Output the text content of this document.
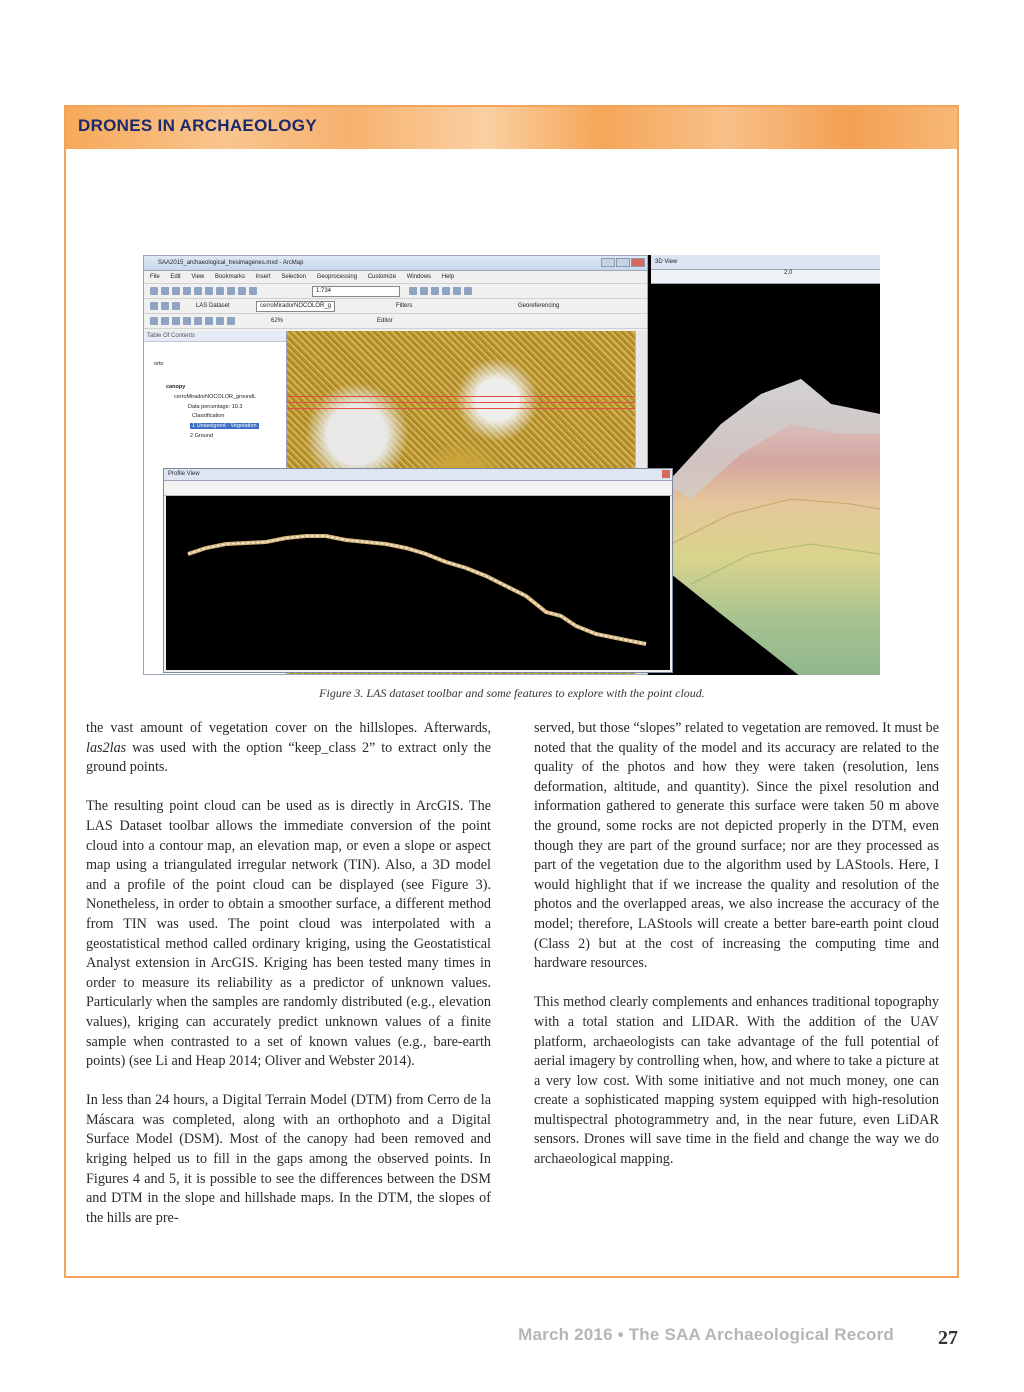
DRONES IN ARCHAEOLOGY
SAA2015_archaeological_tresimagenes.mxd - ArcMap
File Edit View Bookmarks Insert Selection Geoprocessing Customize Windows Help
1:734
LAS Dataset	cerroMiradorNOCOLOR_g	Filters	Georeferencing
62%	Editor
Table Of Contents
orto
canopy
cerroMiradorNOCOLOR_groundL
Data percentage: 10.3
Classification
1 Unassigned - Vegetation
2 Ground
3D View
2.0
Profile View
Figure 3. LAS dataset toolbar and some features to explore with the point cloud.

the vast amount of vegetation cover on the hillslopes. Afterwards, las2las was used with the option “keep_class 2” to extract only the ground points.

The resulting point cloud can be used as is directly in ArcGIS. The LAS Dataset toolbar allows the immediate conversion of the point cloud into a contour map, an elevation map, or even a slope or aspect map using a triangulated irregular network (TIN). Also, a 3D model and a profile of the point cloud can be displayed (see Figure 3). Nonetheless, in order to obtain a smoother surface, a different method from TIN was used. The point cloud was interpolated with a geostatistical method called ordinary kriging, using the Geostatistical Analyst extension in ArcGIS. Kriging has been tested many times in order to measure its reliability as a predictor of unknown values. Particularly when the samples are randomly distributed (e.g., elevation values), kriging can accurately predict unknown values of a finite sample when contrasted to a set of known values (e.g., bare-earth points) (see Li and Heap 2014; Oliver and Webster 2014).

In less than 24 hours, a Digital Terrain Model (DTM) from Cerro de la Máscara was completed, along with an orthophoto and a Digital Surface Model (DSM). Most of the canopy had been removed and kriging helped us to fill in the gaps among the observed points. In Figures 4 and 5, it is possible to see the differences between the DSM and DTM in the slope and hillshade maps. In the DTM, the slopes of the hills are pre-

served, but those “slopes” related to vegetation are removed. It must be noted that the quality of the model and its accuracy are related to the quality of the photos and how they were taken (resolution, lens deformation, altitude, and quantity). Since the pixel resolution and information gathered to generate this surface were taken 50 m above the ground, some rocks are not depicted properly in the DTM, even though they are part of the ground surface; nor are they processed as part of the vegetation due to the algorithm used by LAStools. Here, I would highlight that if we increase the quality and resolution of the photos and the overlapped areas, we also increase the accuracy of the model; therefore, LAStools will create a better bare-earth point cloud (Class 2) but at the cost of increasing the computing time and hardware resources.

This method clearly complements and enhances traditional topography with a total station and LIDAR. With the addition of the UAV platform, archaeologists can take advantage of the full potential of aerial imagery by controlling when, how, and where to take a picture at a very low cost. With some initiative and not much money, one can create a sophisticated mapping system equipped with high-resolution multispectral photogrammetry and, in the near future, even LiDAR sensors. Drones will save time in the field and change the way we do archaeological mapping.

March 2016 • The SAA Archaeological Record 27
